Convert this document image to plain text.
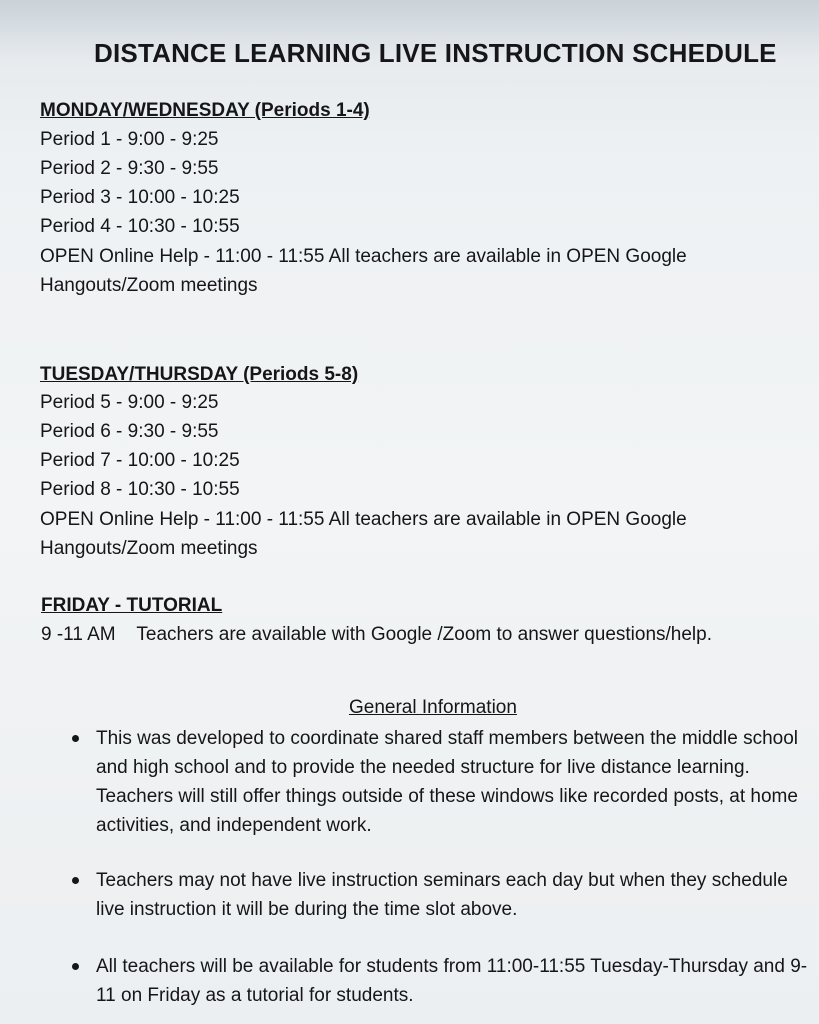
DISTANCE LEARNING LIVE INSTRUCTION SCHEDULE
MONDAY/WEDNESDAY (Periods 1-4)
Period 1 - 9:00 - 9:25
Period 2 - 9:30 - 9:55
Period 3 - 10:00 - 10:25
Period 4 - 10:30 - 10:55
OPEN Online Help - 11:00 - 11:55 All teachers are available in OPEN Google
Hangouts/Zoom meetings
TUESDAY/THURSDAY (Periods 5-8)
Period 5 - 9:00 - 9:25
Period 6 - 9:30 - 9:55
Period 7 - 10:00 - 10:25
Period 8 - 10:30 - 10:55
OPEN Online Help - 11:00 - 11:55 All teachers are available in OPEN Google
Hangouts/Zoom meetings
FRIDAY - TUTORIAL
9 -11 AM    Teachers are available with Google /Zoom to answer questions/help.
General Information
This was developed to coordinate shared staff members between the middle school and high school and to provide the needed structure for live distance learning. Teachers will still offer things outside of these windows like recorded posts, at home activities, and independent work.
Teachers may not have live instruction seminars each day but when they schedule live instruction it will be during the time slot above.
All teachers will be available for students from 11:00-11:55 Tuesday-Thursday and 9-11 on Friday as a tutorial for students.
